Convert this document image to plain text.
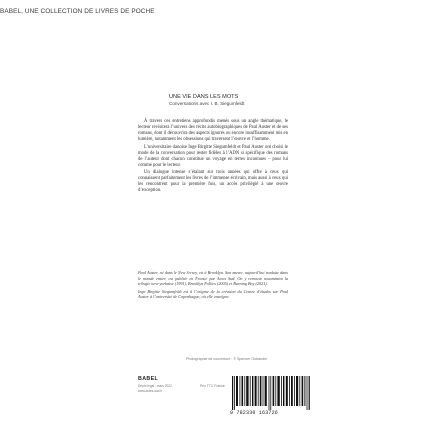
BABEL, UNE COLLECTION DE LIVRES DE POCHE
UNE VIE DANS LES MOTS
Conversations avec I. B. Siegumfeldt

À travers ces entretiens approfondis menés sous un angle thématique, le lecteur revisitera l’univers des récits autobiographiques de Paul Auster et de ses romans, dont il découvrira des aspects ignorés ou encore insuffisamment mis en lumière, notamment les obsessions qui traversent l’œuvre et l’homme.

L’universitaire danoise Inge Birgitte Siegumfeldt et Paul Auster ont choisi le mode de la conversation pour rester fidèles à l’ADN si spécifique des romans de l’auteur dont chacun constitue un voyage en terres inconnues – pour lui comme pour le lecteur.

Un dialogue intense s’étalant sur trois années qui offre à ceux qui connaissent parfaitement les livres de l’immense écrivain, mais aussi à ceux qui les rencontrent pour la première fois, un accès privilégié à une œuvre d’exception.

Paul Auster, né dans le New Jersey, vit à Brooklyn. Son œuvre, aujourd’hui traduite dans le monde entier, est publiée en France par Actes Sud. On y retrouve notamment la trilogie new-yorkaise (1991), Brooklyn Follies (2005) et Burning Boy (2021).

Inge Birgitte Siegumfeldt est à l’origine de la création du Centre d’études sur Paul Auster à l’université de Copenhague, où elle enseigne.

Photographie de couverture : © Spencer Ostrander
BABEL
Dépôt légal : mars 2022
www.actes-sud.fr
Prix TTC France
9 782330 163726
